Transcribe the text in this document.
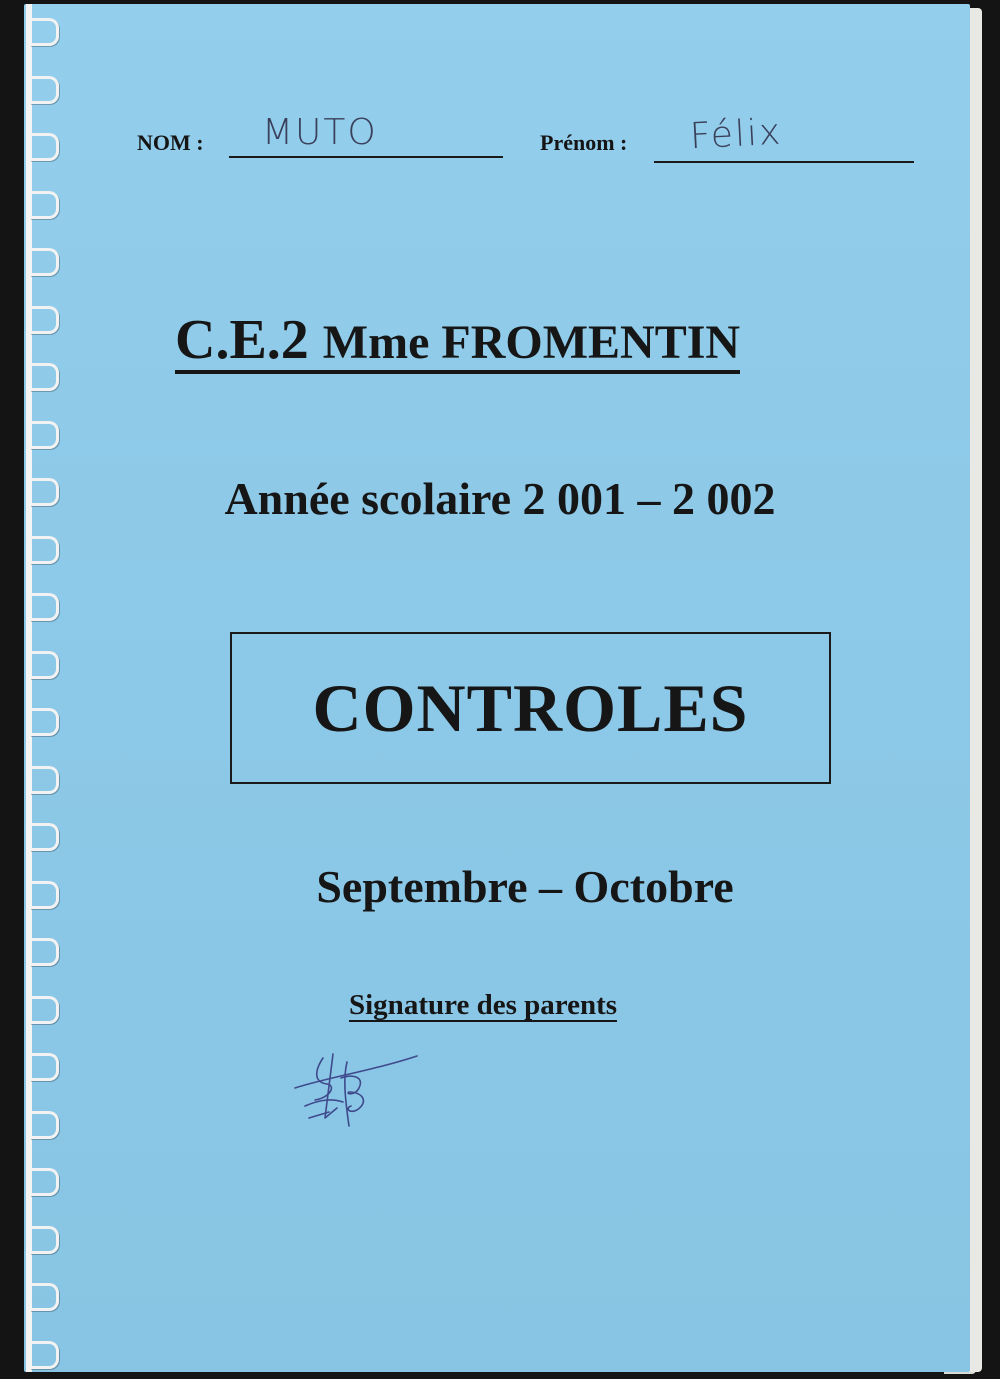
NOM : MUTO	Prénom : Félix
C.E.2 Mme FROMENTIN
Année scolaire 2 001 – 2 002
CONTROLES
Septembre – Octobre
Signature des parents
